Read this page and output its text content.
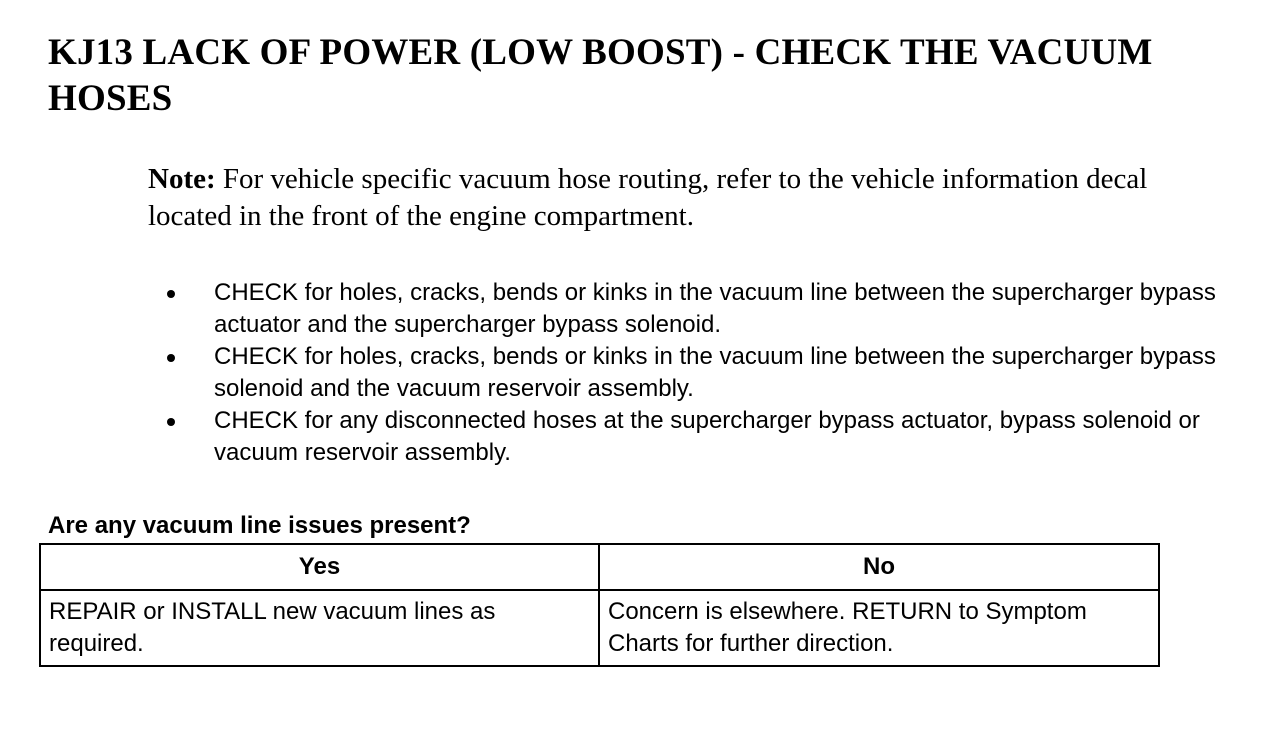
KJ13 LACK OF POWER (LOW BOOST) - CHECK THE VACUUM HOSES

Note: For vehicle specific vacuum hose routing, refer to the vehicle information decal located in the front of the engine compartment.

CHECK for holes, cracks, bends or kinks in the vacuum line between the supercharger bypass actuator and the supercharger bypass solenoid.
CHECK for holes, cracks, bends or kinks in the vacuum line between the supercharger bypass solenoid and the vacuum reservoir assembly.
CHECK for any disconnected hoses at the supercharger bypass actuator, bypass solenoid or vacuum reservoir assembly.

Are any vacuum line issues present?

Yes	No
REPAIR or INSTALL new vacuum lines as required.	Concern is elsewhere. RETURN to Symptom Charts for further direction.
